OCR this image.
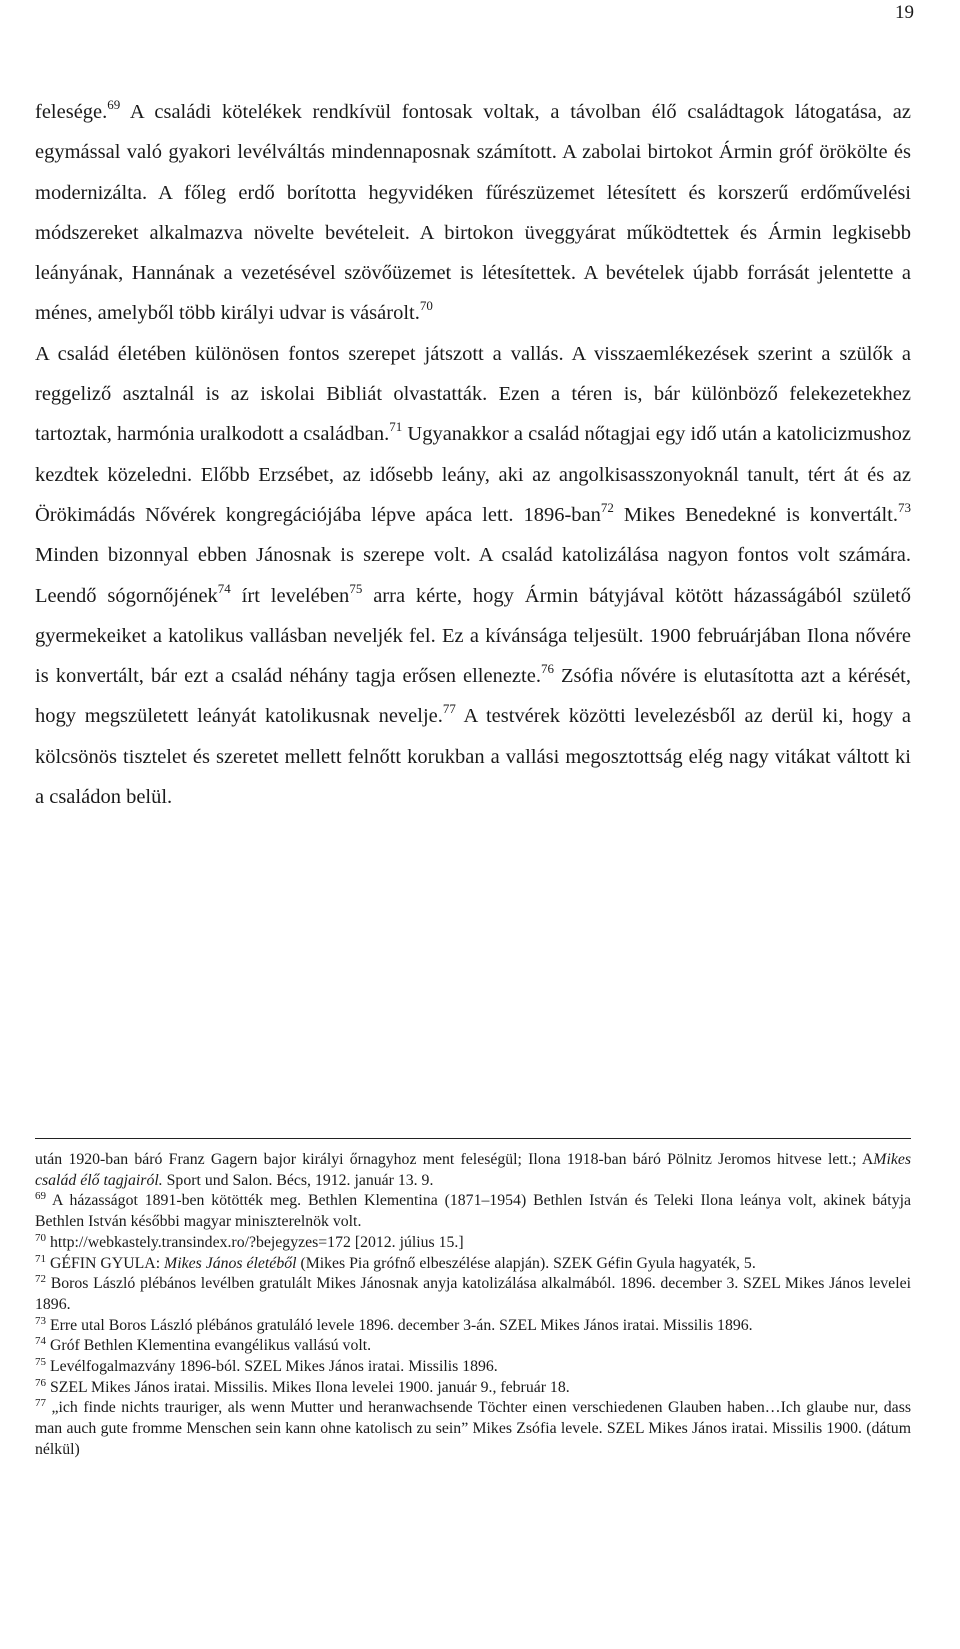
19

felesége.$^{69}$ A családi kötelékek rendkívül fontosak voltak, a távolban élő családtagok látogatása, az egymással való gyakori levélváltás mindennaposnak számított. A zabolai birtokot Ármin gróf örökölte és modernizálta. A főleg erdő borította hegyvidéken fűrészüzemet létesített és korszerű erdőművelési módszereket alkalmazva növelte bevételeit. A birtokon üveggyárat működtettek és Ármin legkisebb leányának, Hannának a vezetésével szövőüzemet is létesítettek. A bevételek újabb forrását jelentette a ménes, amelyből több királyi udvar is vásárolt.$^{70}$
A család életében különösen fontos szerepet játszott a vallás. A visszaemlékezések szerint a szülők a reggeliző asztalnál is az iskolai Bibliát olvastatták. Ezen a téren is, bár különböző felekezetekhez tartoztak, harmónia uralkodott a családban.$^{71}$ Ugyanakkor a család nőtagjai egy idő után a katolicizmushoz kezdtek közeledni. Előbb Erzsébet, az idősebb leány, aki az angolkisasszonyoknál tanult, tért át és az Örökimádás Nővérek kongregációjába lépve apáca lett. 1896-ban$^{72}$ Mikes Benedekné is konvertált.$^{73}$ Minden bizonnyal ebben Jánosnak is szerepe volt. A család katolizálása nagyon fontos volt számára. Leendő sógornőjének$^{74}$ írt levelében$^{75}$ arra kérte, hogy Ármin bátyjával kötött házasságából születő gyermekeiket a katolikus vallásban neveljék fel. Ez a kívánsága teljesült. 1900 februárjában Ilona nővére is konvertált, bár ezt a család néhány tagja erősen ellenezte.$^{76}$ Zsófia nővére is elutasította azt a kérését, hogy megszületett leányát katolikusnak nevelje.$^{77}$ A testvérek közötti levelezésből az derül ki, hogy a kölcsönös tisztelet és szeretet mellett felnőtt korukban a vallási megosztottság elég nagy vitákat váltott ki a családon belül.

után 1920-ban báró Franz Gagern bajor királyi őrnagyhoz ment feleségül; Ilona 1918-ban báró Pölnitz Jeromos hitvese lett.; AMikes család élő tagjairól. Sport und Salon. Bécs, 1912. január 13. 9.

$^{69}$ A házasságot 1891-ben kötötték meg. Bethlen Klementina (1871–1954) Bethlen István és Teleki Ilona leánya volt, akinek bátyja Bethlen István későbbi magyar miniszterelnök volt.

$^{70}$ http://webkastely.transindex.ro/?bejegyzes=172 [2012. július 15.]

$^{71}$ GÉFIN GYULA: Mikes János életéből (Mikes Pia grófnő elbeszélése alapján). SZEK Géfin Gyula hagyaték, 5.

$^{72}$ Boros László plébános levélben gratulált Mikes Jánosnak anyja katolizálása alkalmából. 1896. december 3. SZEL Mikes János levelei 1896.

$^{73}$ Erre utal Boros László plébános gratuláló levele 1896. december 3-án. SZEL Mikes János iratai. Missilis 1896.

$^{74}$ Gróf Bethlen Klementina evangélikus vallású volt.

$^{75}$ Levélfogalmazvány 1896-ból. SZEL Mikes János iratai. Missilis 1896.

$^{76}$ SZEL Mikes János iratai. Missilis. Mikes Ilona levelei 1900. január 9., február 18.

$^{77}$ „ich finde nichts trauriger, als wenn Mutter und heranwachsende Töchter einen verschiedenen Glauben haben…Ich glaube nur, dass man auch gute fromme Menschen sein kann ohne katolisch zu sein” Mikes Zsófia levele. SZEL Mikes János iratai. Missilis 1900. (dátum nélkül)
